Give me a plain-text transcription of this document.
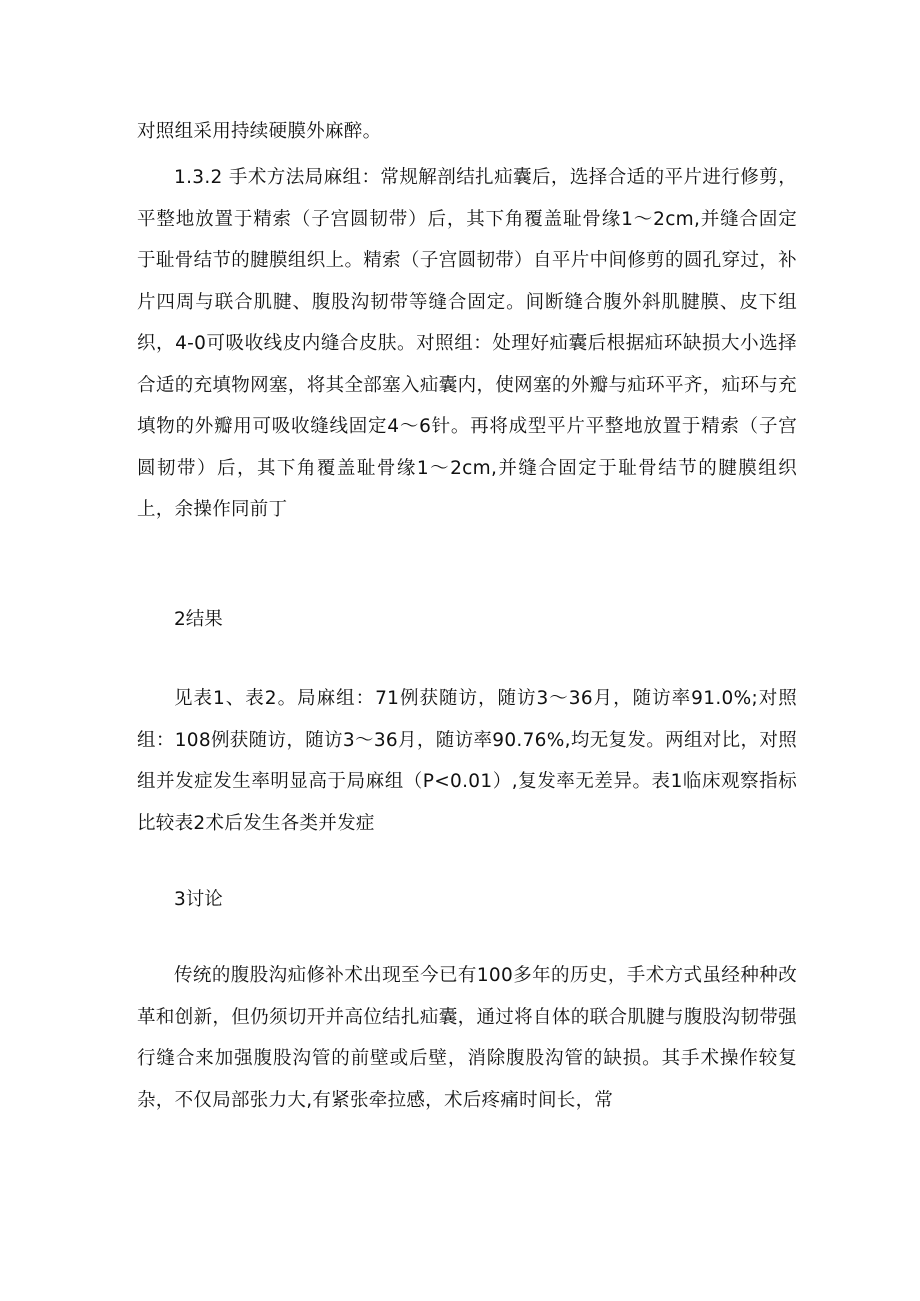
对照组采用持续硬膜外麻醉。

1.3.2 手术方法局麻组：常规解剖结扎疝囊后，选择合适的平片进行修剪，平整地放置于精索（子宫圆韧带）后，其下角覆盖耻骨缘1～2cm,并缝合固定于耻骨结节的腱膜组织上。精索（子宫圆韧带）自平片中间修剪的圆孔穿过，补片四周与联合肌腱、腹股沟韧带等缝合固定。间断缝合腹外斜肌腱膜、皮下组织，4-0可吸收线皮内缝合皮肤。对照组：处理好疝囊后根据疝环缺损大小选择合适的充填物网塞，将其全部塞入疝囊内，使网塞的外瓣与疝环平齐，疝环与充填物的外瓣用可吸收缝线固定4～6针。再将成型平片平整地放置于精索（子宫圆韧带）后，其下角覆盖耻骨缘1～2cm,并缝合固定于耻骨结节的腱膜组织上，余操作同前丁

2结果

见表1、表2。局麻组：71例获随访，随访3～36月，随访率91.0%;对照组：108例获随访，随访3～36月，随访率90.76%,均无复发。两组对比，对照组并发症发生率明显高于局麻组（P<0.01）,复发率无差异。表1临床观察指标比较表2术后发生各类并发症

3讨论

传统的腹股沟疝修补术出现至今已有100多年的历史，手术方式虽经种种改革和创新，但仍须切开并高位结扎疝囊，通过将自体的联合肌腱与腹股沟韧带强行缝合来加强腹股沟管的前壁或后壁，消除腹股沟管的缺损。其手术操作较复杂，不仅局部张力大,有紧张牵拉感，术后疼痛时间长，常
